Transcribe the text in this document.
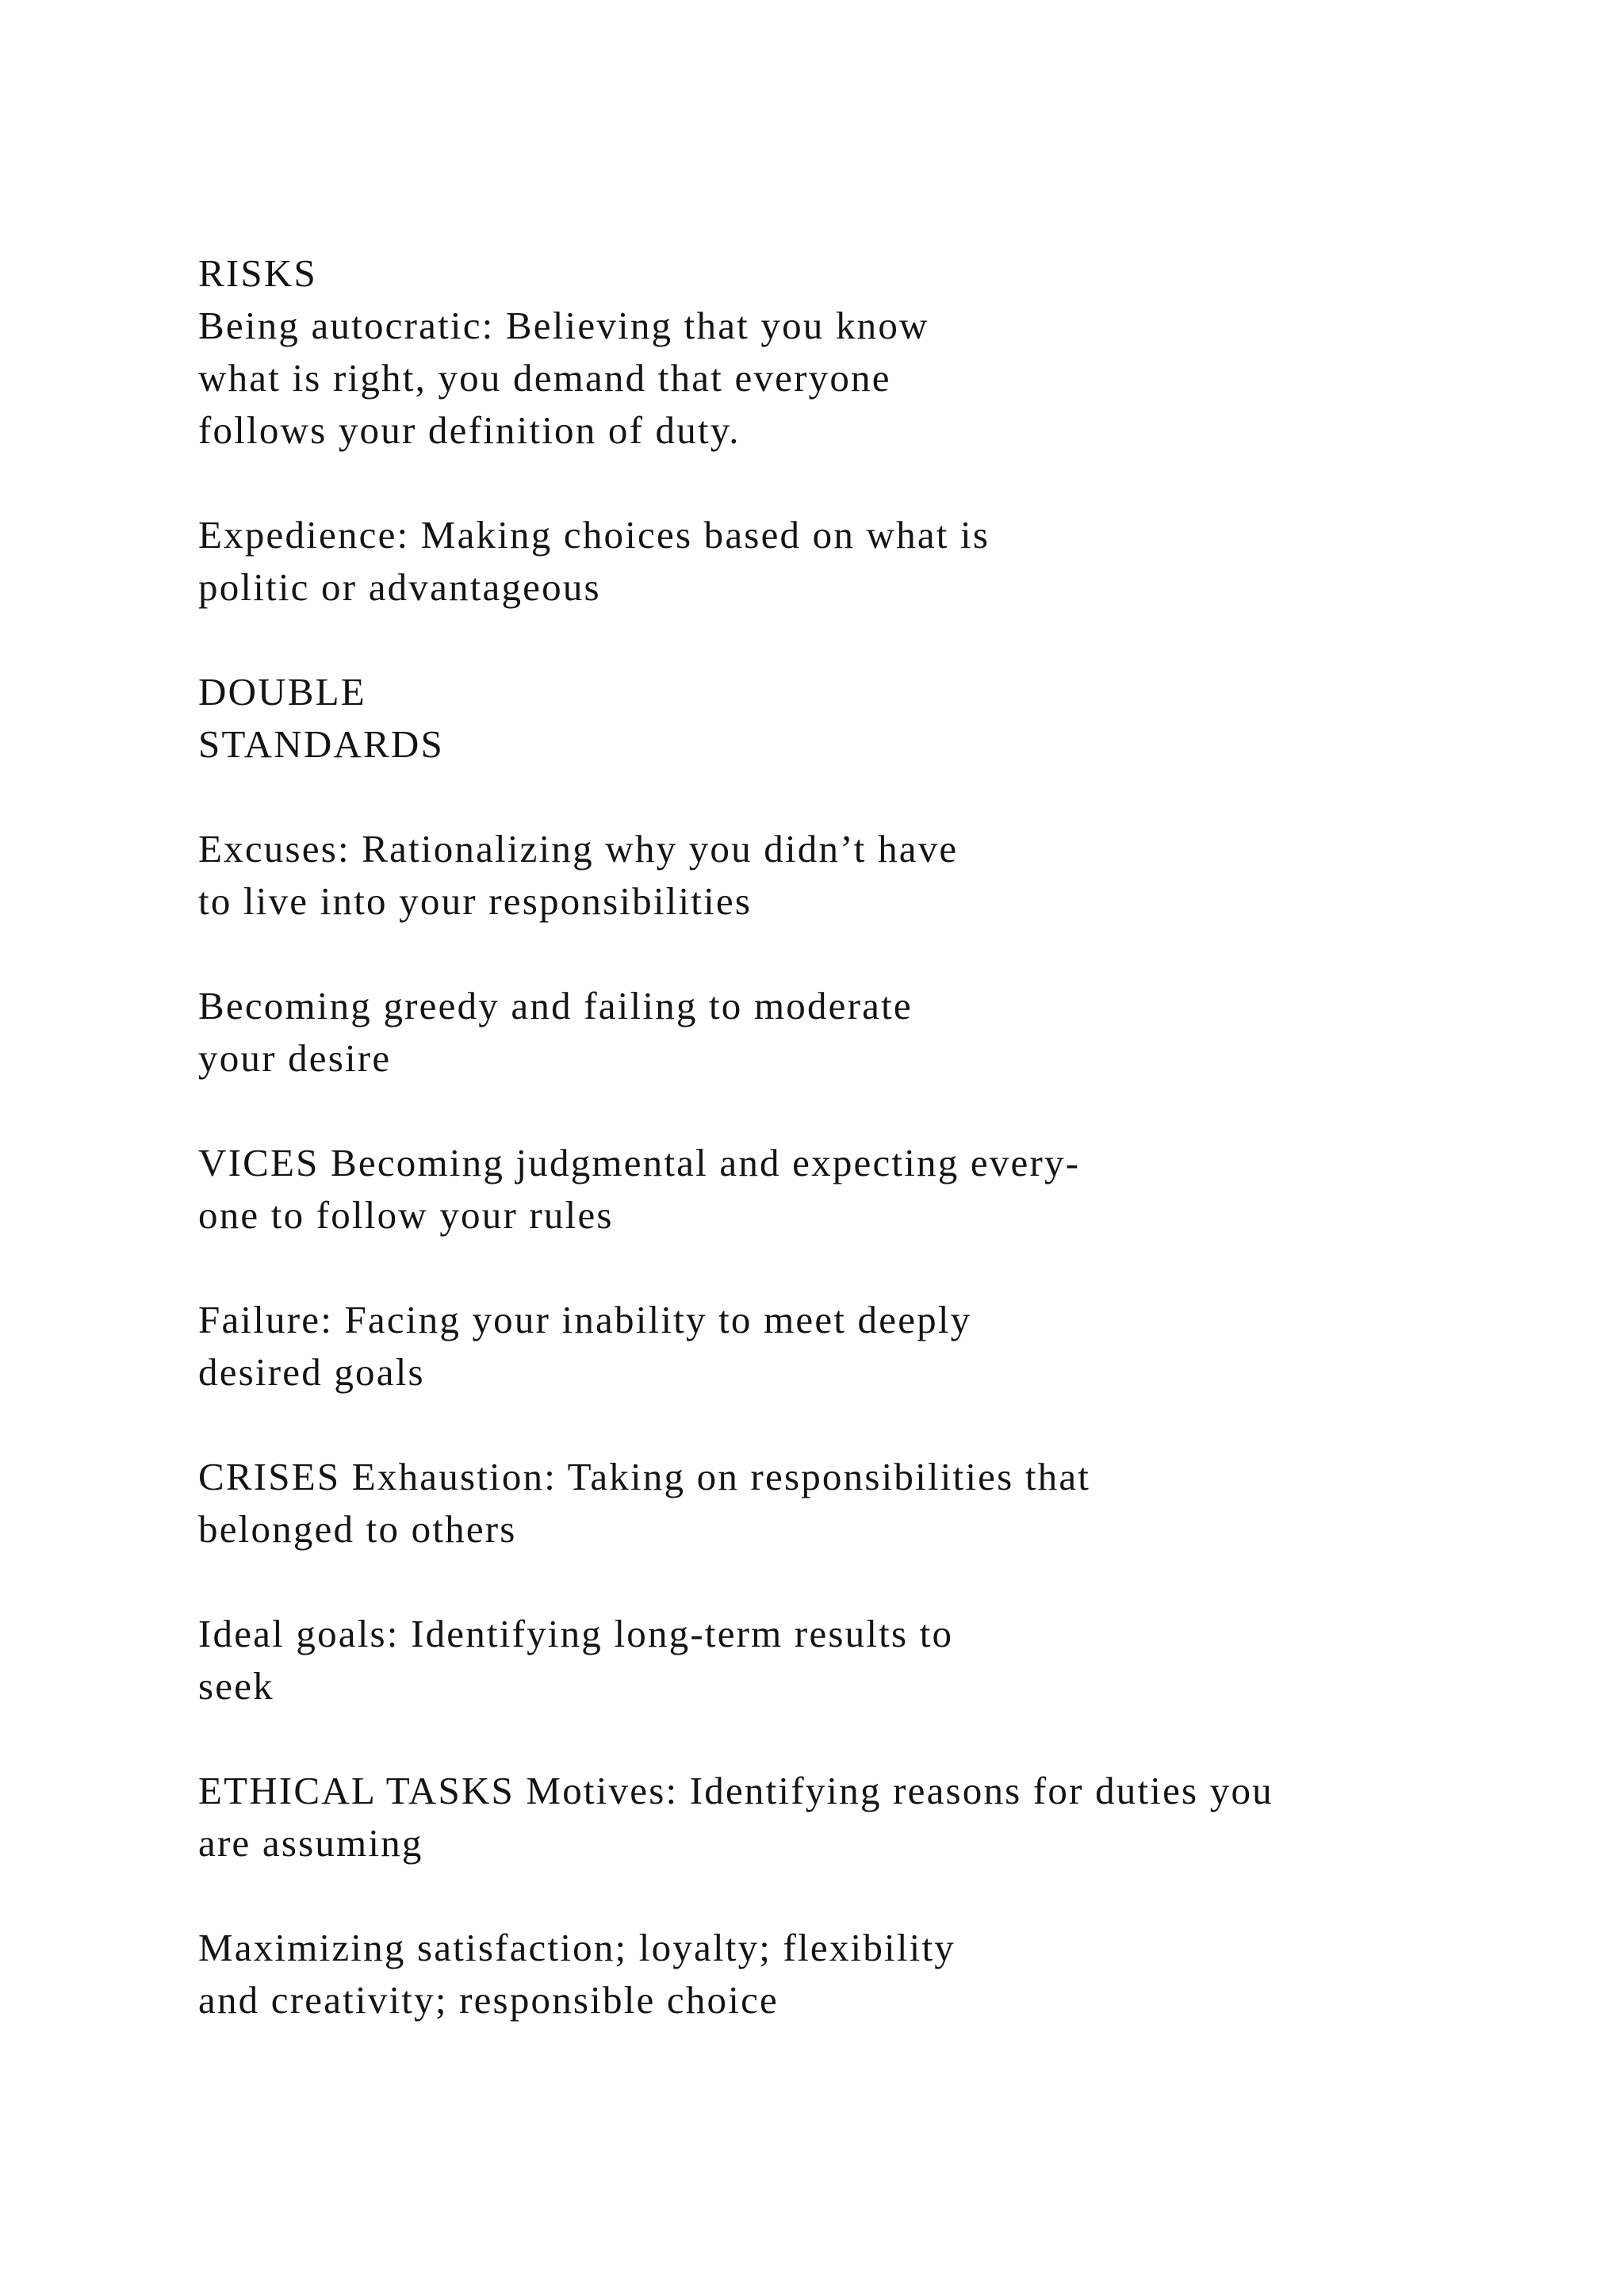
RISKS
Being autocratic: Believing that you know
what is right, you demand that everyone
follows your definition of duty.
Expedience: Making choices based on what is
politic or advantageous
DOUBLE
STANDARDS
Excuses: Rationalizing why you didn’t have
to live into your responsibilities
Becoming greedy and failing to moderate
your desire
VICES Becoming judgmental and expecting every-
one to follow your rules
Failure: Facing your inability to meet deeply
desired goals
CRISES Exhaustion: Taking on responsibilities that
belonged to others
Ideal goals: Identifying long-term results to
seek
ETHICAL TASKS Motives: Identifying reasons for duties you
are assuming
Maximizing satisfaction; loyalty; flexibility
and creativity; responsible choice
